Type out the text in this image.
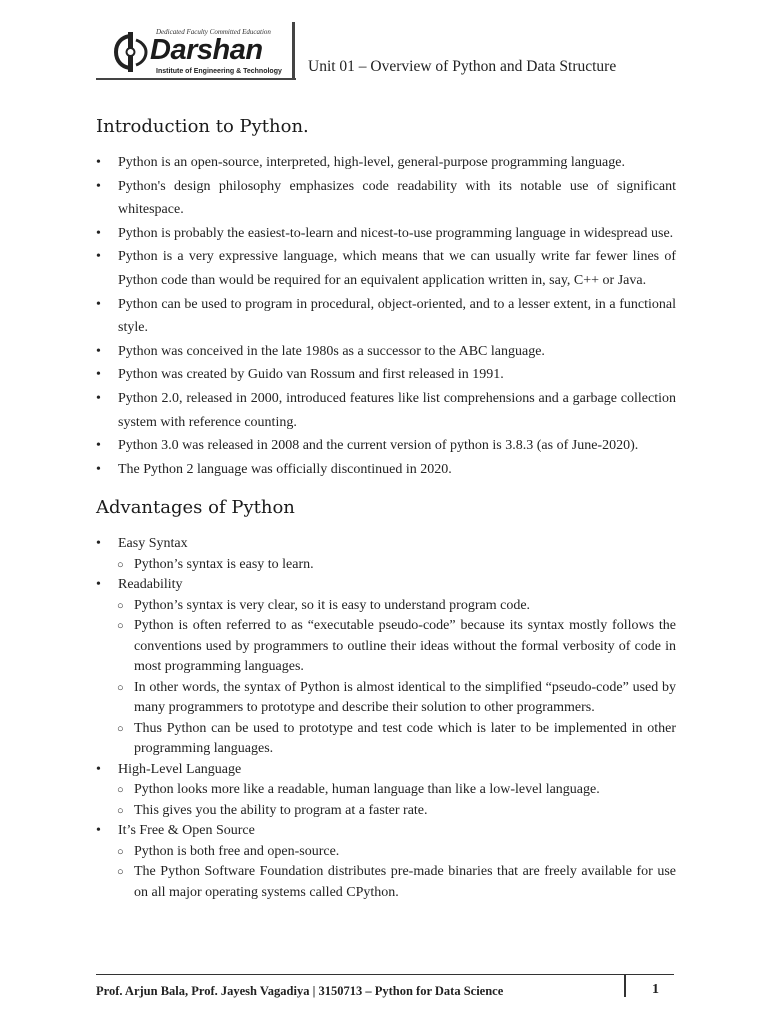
Dedicated Faculty Committed Education
Darshan
Institute of Engineering & Technology Unit 01 – Overview of Python and Data Structure
Introduction to Python.
• Python is an open-source, interpreted, high-level, general-purpose programming language.
• Python's design philosophy emphasizes code readability with its notable use of significant whitespace.
• Python is probably the easiest-to-learn and nicest-to-use programming language in widespread use.
• Python is a very expressive language, which means that we can usually write far fewer lines of Python code than would be required for an equivalent application written in, say, C++ or Java.
• Python can be used to program in procedural, object-oriented, and to a lesser extent, in a functional style.
• Python was conceived in the late 1980s as a successor to the ABC language.
• Python was created by Guido van Rossum and first released in 1991.
• Python 2.0, released in 2000, introduced features like list comprehensions and a garbage collection system with reference counting.
• Python 3.0 was released in 2008 and the current version of python is 3.8.3 (as of June-2020).
• The Python 2 language was officially discontinued in 2020.
Advantages of Python
• Easy Syntax
○ Python’s syntax is easy to learn.
• Readability
○ Python’s syntax is very clear, so it is easy to understand program code.
○ Python is often referred to as “executable pseudo-code” because its syntax mostly follows the conventions used by programmers to outline their ideas without the formal verbosity of code in most programming languages.
○ In other words, the syntax of Python is almost identical to the simplified “pseudo-code” used by many programmers to prototype and describe their solution to other programmers.
○ Thus Python can be used to prototype and test code which is later to be implemented in other programming languages.
• High-Level Language
○ Python looks more like a readable, human language than like a low-level language.
○ This gives you the ability to program at a faster rate.
• It’s Free & Open Source
○ Python is both free and open-source.
○ The Python Software Foundation distributes pre-made binaries that are freely available for use on all major operating systems called CPython.
Prof. Arjun Bala, Prof. Jayesh Vagadiya | 3150713 – Python for Data Science	1
